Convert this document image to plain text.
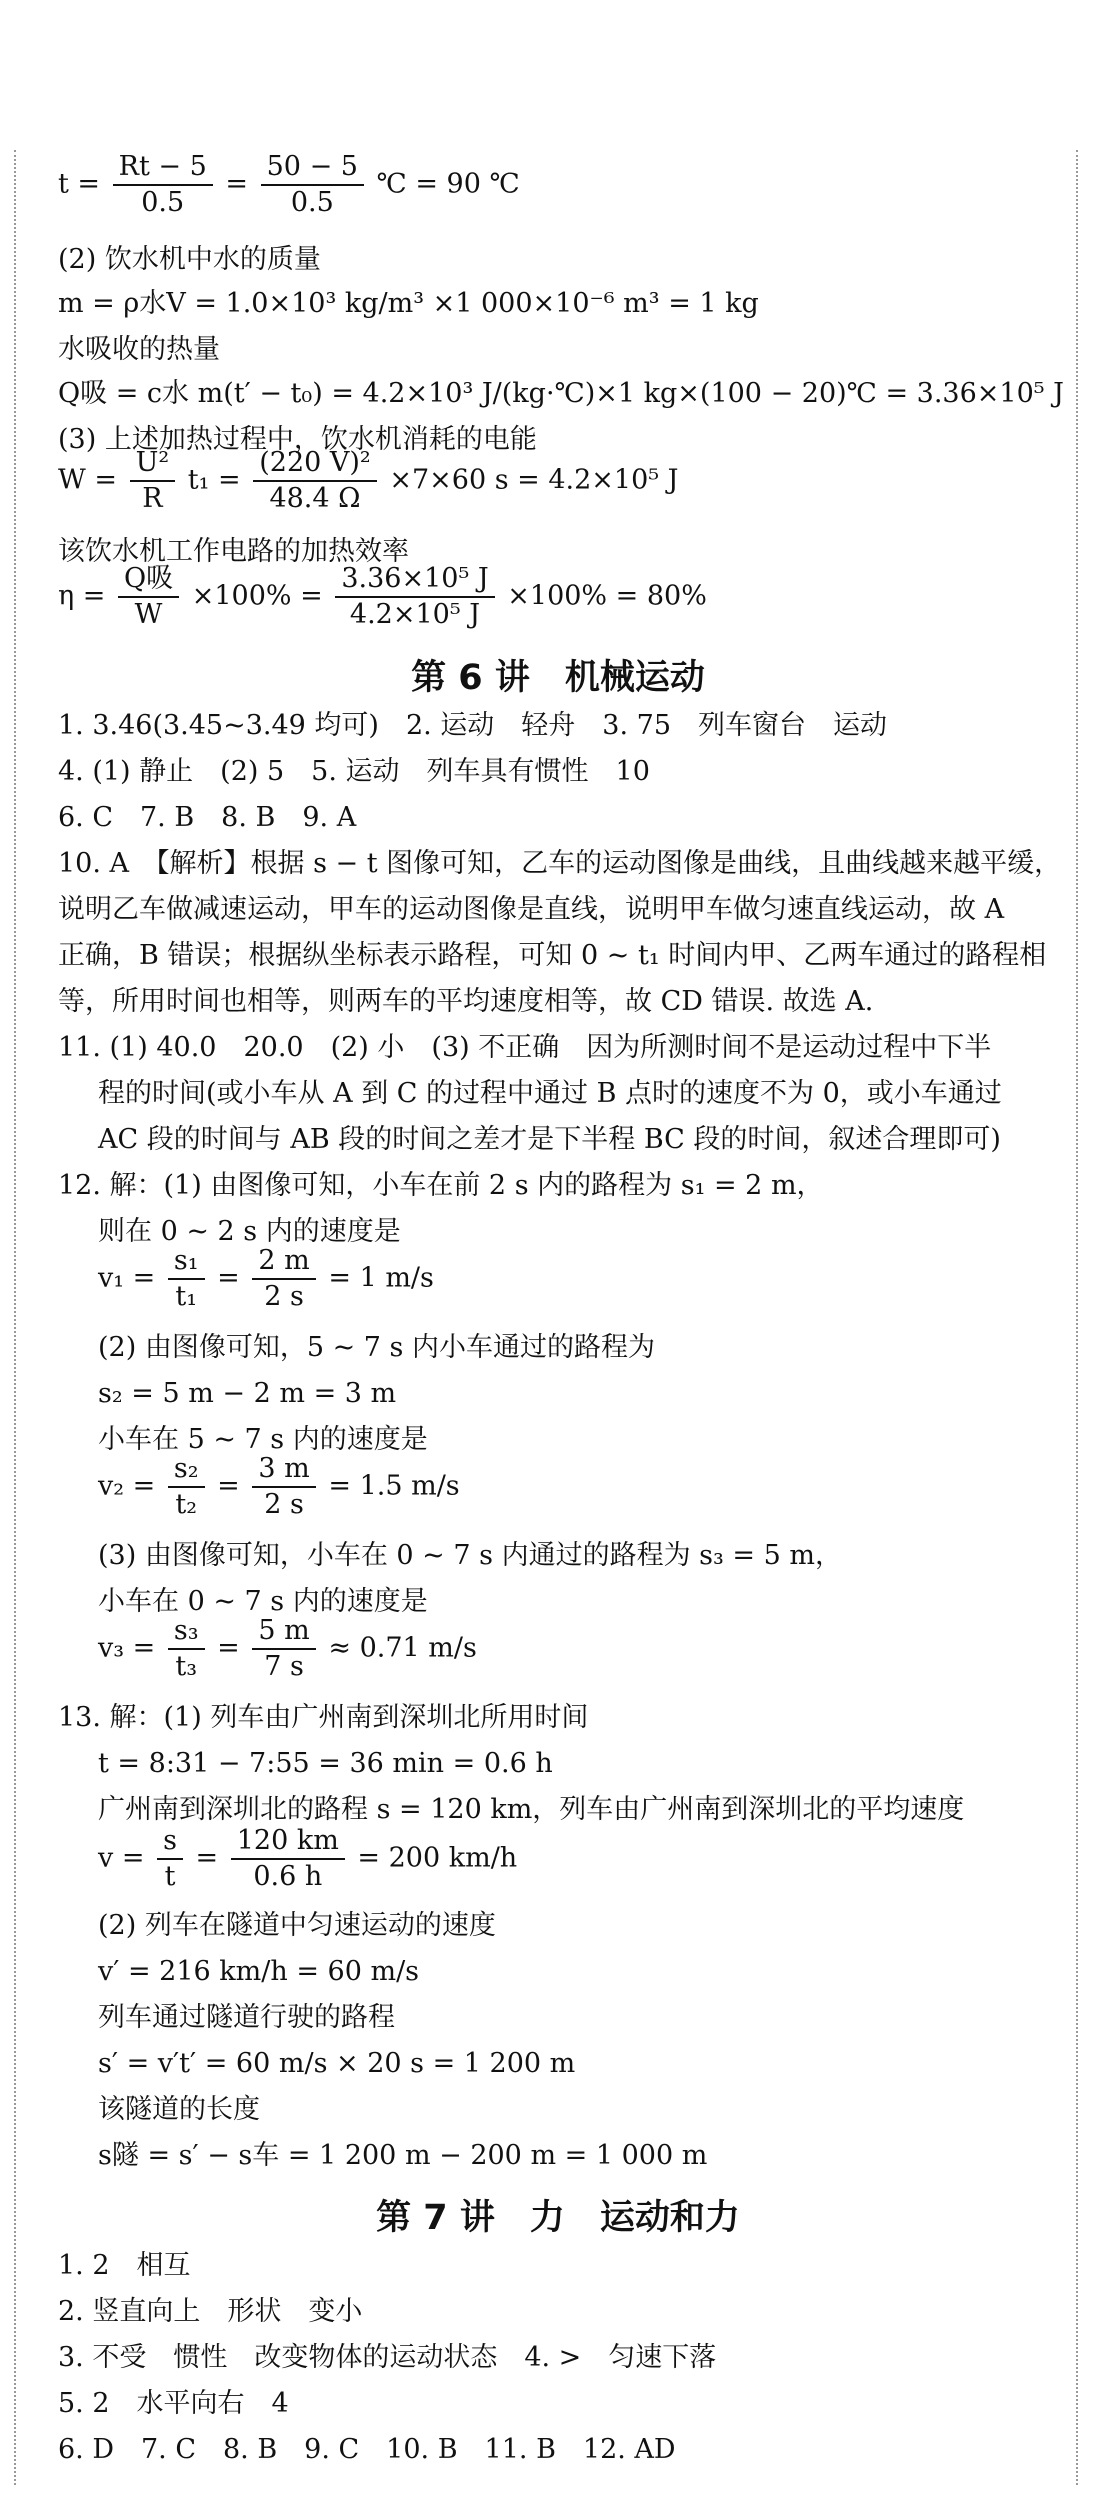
$t = \frac{Rt - 5}{0.5} = \frac{50 - 5}{0.5}$ ℃ = 90 ℃
(2) 饮水机中水的质量
m = ρ水V = 1.0×10³ kg/m³ ×1 000×10⁻⁶ m³ = 1 kg
水吸收的热量
Q吸 = c水 m(t′ − t₀) = 4.2×10³ J/(kg·℃)×1 kg×(100 − 20)℃ = 3.36×10⁵ J
(3) 上述加热过程中，饮水机消耗的电能
$W = \frac{\text{U²}}{R} t_1 = \frac{\text{(220 V)²}}{48.4 \Omega} \times 7\times 60$ s = 4.2×10⁵ J
该饮水机工作电路的加热效率
$\eta = \frac{\text{Q吸}}{W} \times 100\% = \frac{\text{3.36×10⁵ J}}{\text{4.2×10⁵ J}} \times 100\% = 80\%$
第 6 讲　机械运动
1. 3.46(3.45~3.49 均可)　2. 运动　轻舟　3. 75　列车窗台　运动
4. (1) 静止　(2) 5　5. 运动　列车具有惯性　10
6. C　7. B　8. B　9. A
10. A　【解析】根据 s − t 图像可知，乙车的运动图像是曲线，且曲线越来越平缓，
说明乙车做减速运动，甲车的运动图像是直线，说明甲车做匀速直线运动，故 A
正确，B 错误；根据纵坐标表示路程，可知 0 ~ t₁ 时间内甲、乙两车通过的路程相
等，所用时间也相等，则两车的平均速度相等，故 CD 错误. 故选 A.
11. (1) 40.0　20.0　(2) 小　(3) 不正确　因为所测时间不是运动过程中下半
程的时间(或小车从 A 到 C 的过程中通过 B 点时的速度不为 0，或小车通过
AC 段的时间与 AB 段的时间之差才是下半程 BC 段的时间，叙述合理即可)
12. 解：(1) 由图像可知，小车在前 2 s 内的路程为 s₁ = 2 m，
则在 0 ~ 2 s 内的速度是
$v_1 = \frac{\text{s₁}}{\text{t₁}} = \frac{2 m}{2 s} = 1$ m/s
(2) 由图像可知，5 ~ 7 s 内小车通过的路程为
s₂ = 5 m − 2 m = 3 m
小车在 5 ~ 7 s 内的速度是
$v_2 = \frac{\text{s₂}}{\text{t₂}} = \frac{3 m}{2 s} = 1.5$ m/s
(3) 由图像可知，小车在 0 ~ 7 s 内通过的路程为 s₃ = 5 m，
小车在 0 ~ 7 s 内的速度是
$v_3 = \frac{\text{s₃}}{\text{t₃}} = \frac{5 m}{7 s} \approx 0.71$ m/s
13. 解：(1) 列车由广州南到深圳北所用时间
t = 8:31 − 7:55 = 36 min = 0.6 h
广州南到深圳北的路程 s = 120 km，列车由广州南到深圳北的平均速度
$v = \frac{s}{t} = \frac{120 km}{0.6 h} = 200$ km/h
(2) 列车在隧道中匀速运动的速度
v′ = 216 km/h = 60 m/s
列车通过隧道行驶的路程
s′ = v′t′ = 60 m/s × 20 s = 1 200 m
该隧道的长度
s隧 = s′ − s车 = 1 200 m − 200 m = 1 000 m
第 7 讲　力　运动和力
1. 2　相互
2. 竖直向上　形状　变小
3. 不受　惯性　改变物体的运动状态　4. >　匀速下落
5. 2　水平向右　4
6. D　7. C　8. B　9. C　10. B　11. B　12. AD
